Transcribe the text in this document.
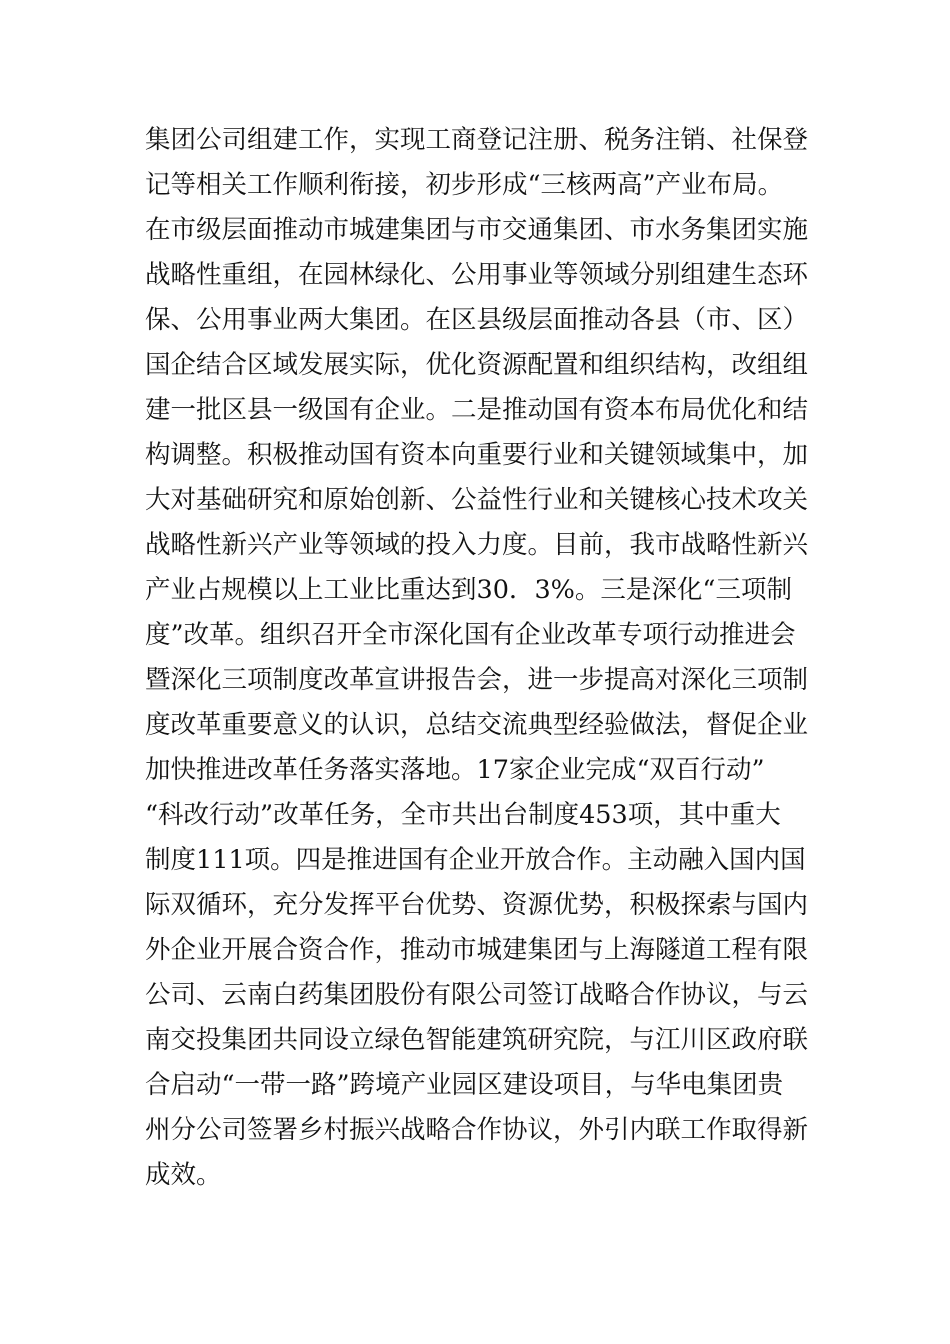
集团公司组建工作，实现工商登记注册、税务注销、社保登
记等相关工作顺利衔接，初步形成“三核两高”产业布局。
在市级层面推动市城建集团与市交通集团、市水务集团实施
战略性重组，在园林绿化、公用事业等领域分别组建生态环
保、公用事业两大集团。在区县级层面推动各县（市、区）
国企结合区域发展实际，优化资源配置和组织结构，改组组
建一批区县一级国有企业。二是推动国有资本布局优化和结
构调整。积极推动国有资本向重要行业和关键领域集中，加
大对基础研究和原始创新、公益性行业和关键核心技术攻关
战略性新兴产业等领域的投入力度。目前，我市战略性新兴
产业占规模以上工业比重达到30．3%。三是深化“三项制
度”改革。组织召开全市深化国有企业改革专项行动推进会
暨深化三项制度改革宣讲报告会，进一步提高对深化三项制
度改革重要意义的认识，总结交流典型经验做法，督促企业
加快推进改革任务落实落地。17家企业完成“双百行动”
“科改行动”改革任务，全市共出台制度453项，其中重大
制度111项。四是推进国有企业开放合作。主动融入国内国
际双循环，充分发挥平台优势、资源优势，积极探索与国内
外企业开展合资合作，推动市城建集团与上海隧道工程有限
公司、云南白药集团股份有限公司签订战略合作协议，与云
南交投集团共同设立绿色智能建筑研究院，与江川区政府联
合启动“一带一路”跨境产业园区建设项目，与华电集团贵
州分公司签署乡村振兴战略合作协议，外引内联工作取得新
成效。
